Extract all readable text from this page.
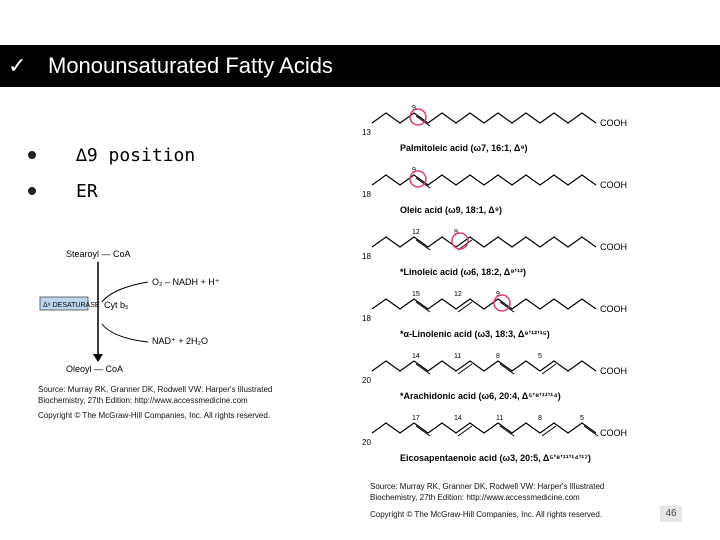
✓ Monounsaturated Fatty Acids
∆9 position
ER
Stearoyl — CoA
O₂ – NADH + H⁺
Δ⁹ DESATURASE Cyt b₅
NAD⁺ + 2H₂O
Oleoyl — CoA
Source: Murray RK, Granner DK, Rodwell VW: Harper's Illustrated
Biochemistry, 27th Edition: http://www.accessmedicine.com
Copyright © The McGraw-Hill Companies, Inc. All rights reserved.
13
COOH
9
Palmitoleic acid (ω7, 16:1, Δ⁹)
18
COOH
9
Oleic acid (ω9, 18:1, Δ⁹)
18
COOH
12	9
*Linoleic acid (ω6, 18:2, Δ⁹ʼ¹²)
18
COOH
15	12	9
*α-Linolenic acid (ω3, 18:3, Δ⁹ʼ¹²ʼ¹⁵)
20
COOH
14	11	8	5
*Arachidonic acid (ω6, 20:4, Δ⁵ʼ⁸ʼ¹¹ʼ¹⁴)
20
COOH
17	14	11	8	5
Eicosapentaenoic acid (ω3, 20:5, Δ⁵ʼ⁸ʼ¹¹ʼ¹⁴ʼ¹⁷)
Source: Murray RK, Granner DK, Rodwell VW: Harper's Illustrated
Biochemistry, 27th Edition: http://www.accessmedicine.com
Copyright © The McGraw-Hill Companies, Inc. All rights reserved.	46
